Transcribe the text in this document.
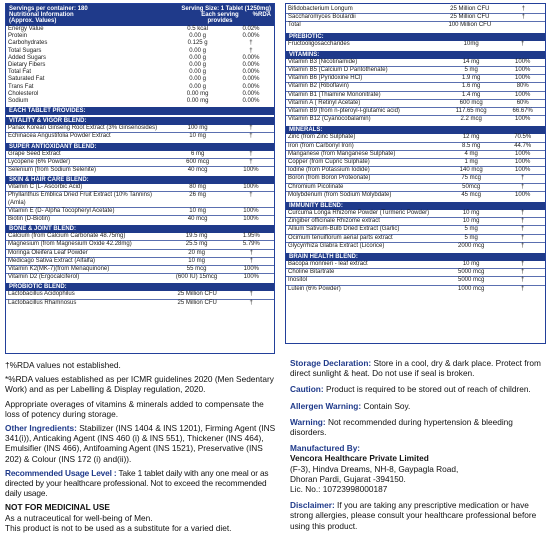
Servings per container: 180
Nutritional Information
(Approx. Values)
Serving Size: 1 Tablet (1250mg)
Each serving
provides
%RDA
Energy Value	0.5 kcal	0.02%
Protein	0.00 g	0.00%
Carbohydrates	0.125 g	†
Total Sugars	0.00 g	†
Added Sugars	0.00 g	0.00%
Dietary Fibers	0.00 g	0.00%
Total Fat	0.00 g	0.00%
Saturated Fat	0.00 g	0.00%
Trans Fat	0.00 g	0.00%
Cholesterol	0.00 mg	0.00%
Sodium	0.00 mg	0.00%
EACH TABLET PROVIDES:
VITALITY & VIGOR BLEND:
Panax Korean Ginseng Root Extract (3% Ginsenosides)	100 mg	†
Echinacea Angustifolia Powder Extract	10 mg	†
SUPER ANTIOXIDANT BLEND:
Grape Seed Extract	6 mg	†
Lycopene (6% Powder)	600 mcg	†
Selenium (from Sodium Selenite)	40 mcg	100%
SKIN & HAIR CARE BLEND:
Vitamin C (L- Ascorbic Acid)	80 mg	100%
Phyllanthus Emblica Dried Fruit Extract (10% Tannins) (Amla)	26 mg	†
Vitamin E (D- Alpha Tocopheryl Acetate)	10 mg	100%
Biotin (D-Biotin)	40 mcg	100%
BONE & JOINT BLEND:
Calcium (from Calcium Carbonate 48.75mg)	19.5 mg	1.95%
Magnesium (from Magnesium Oxide 42.28mg)	25.5 mg	5.79%
Moringa Oleifera Leaf Powder	20 mg	†
Medicago Sativa Extract (Alfalfa)	10 mg	†
Vitamin K2(MK-7)(from Menaquinone)	55 mcg	100%
Vitamin D2 (Ergocalciferol)	(600 IU) 15mcg	100%
PROBIOTIC BLEND:
Lactobacillus Acidophilus	25 Million CFU	†
Lactobacillus Rhamnosus	25 Million CFU	†
Bifidobacterium Longum	25 Million CFU	†
Saccharomyces Boulardii	25 Million CFU	†
Total	100 Million CFU	
PREBIOTIC:
Fructooligosaccharides	10mg	†
VITAMINS:
Vitamin B3 (Nicotinamide)	14 mg	100%
Vitamin B5 (Calcium D Pantothenate)	5 mg	100%
Vitamin B6 (Pyridoxine HCl)	1.9 mg	100%
Vitamin B2 (Riboflavin)	1.6 mg	80%
Vitamin B1 (Thiamine Mononitrate)	1.4 mg	100%
Vitamin A ( Retinyl Acetate)	600 mcg	60%
Vitamin B9 (from n-pteroyl-l-glutamic acid)	117.65 mcg	66.67%
Vitamin B12 (Cyanocobalamin)	2.2 mcg	100%
MINERALS:
Zinc (from Zinc Sulphate)	12 mg	70.5%
Iron (from Carbonyl Iron)	8.5 mg	44.7%
Manganese (from Manganese Sulphate)	4 mg	100%
Copper (from Cupric Sulphate)	1 mg	100%
Iodine (from Potassium Iodide)	140 mcg	100%
Boron (from Boron Proteonate)	75 mcg	†
Chromium Picolinate	50mcg	†
Molybdenum (from Sodium Molybdate)	45 mcg	100%
IMMUNITY BLEND:
Curcuma Longa Rhizome Powder (Turmeric Powder)	10 mg	†
Zingiber officinale Rhizome extract	10 mg	†
Allium Sativum-Bulb Dried Extract (Garlic)	5 mg	†
Ocimum tenuiflorum aerial parts extract	5 mg	†
Glycyrrhiza Glabra Extract (Licorice)	2000 mcg	†
BRAIN HEALTH BLEND:
Bacopa monnieri - leaf extract	10 mg	†
Choline Bitartrate	5000 mcg	†
Inositol	5000 mcg	†
Lutein (6% Powder)	1000 mcg	†

†%RDA values not established.

*%RDA values established as per ICMR guidelines 2020 (Men Sedentary Work) and as per Labelling & Display regulation, 2020.

Appropriate overages of vitamins & minerals added to compensate the loss of potency during storage.

Other Ingredients: Stabilizer (INS 1404 & INS 1201), Firming Agent (INS 341(i)), Anticaking Agent (INS 460 (i) & INS 551), Thickener (INS 464), Emulsifier (INS 466), Antifoaming Agent (INS 1521), Preservative (INS 202) & Colour (INS 172 (i) and(ii)).

Recommended Usage Level : Take 1 tablet daily with any one meal or as directed by your healthcare professional. Not to exceed the recommended daily usage.

NOT FOR MEDICINAL USE
As a nutraceutical for well-being of Men.
This product is not to be used as a substitute for a varied diet.

Storage Declaration: Store in a cool, dry & dark place. Protect from direct sunlight & heat. Do not use if seal is broken.

Caution: Product is required to be stored out of reach of children.

Allergen Warning: Contain Soy.

Warning: Not recommended during hypertension & bleeding disorders.

Manufactured By:
Vencora Healthcare Private Limited
(F-3), Hindva Dreams, NH-8, Gaypagla Road,
Dhoran Pardi, Gujarat -394150.
Lic. No.: 10723998000187

Disclaimer: If you are taking any prescriptive medication or have strong allergies, please consult your healthcare professional before using this product.
